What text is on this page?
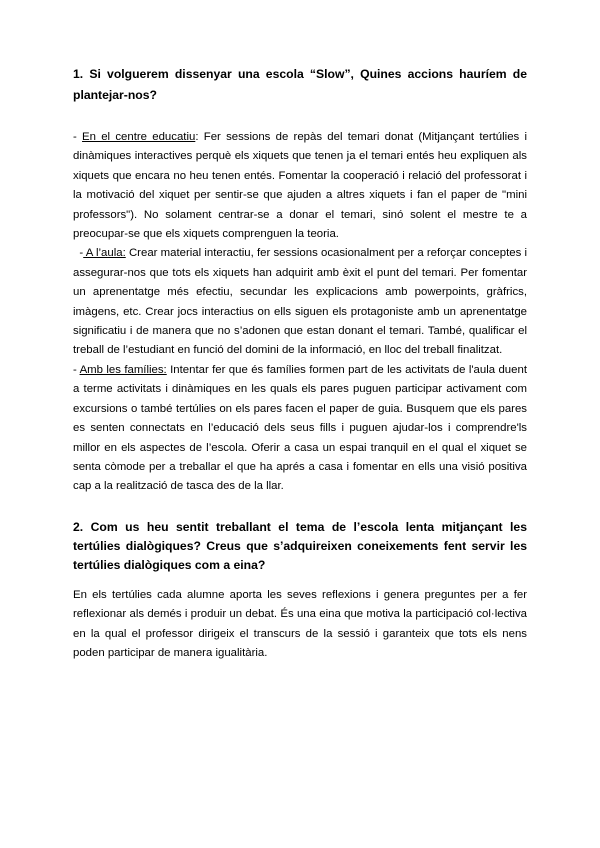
1. Si volguerem dissenyar una escola “Slow”, Quines accions hauríem de plantejar-nos?

- En el centre educatiu: Fer sessions de repàs del temari donat (Mitjançant tertúlies i dinàmiques interactives perquè els xiquets que tenen ja el temari entés heu expliquen als xiquets que encara no heu tenen entés. Fomentar la cooperació i relació del professorat i la motivació del xiquet per sentir-se que ajuden a altres xiquets i fan el paper de "mini professors"). No solament centrar-se a donar el temari, sinó solent el mestre te a preocupar-se que els xiquets comprenguen la teoria.

- A l’aula: Crear material interactiu, fer sessions ocasionalment per a reforçar conceptes i assegurar-nos que tots els xiquets han adquirit amb èxit el punt del temari. Per fomentar un aprenentatge més efectiu, secundar les explicacions amb powerpoints, gràfrics, imàgens, etc. Crear jocs interactius on ells siguen els protagoniste amb un aprenentatge significatiu i de manera que no s’adonen que estan donant el temari. També, qualificar el treball de l’estudiant en funció del domini de la informació, en lloc del treball finalitzat.

- Amb les famílies: Intentar fer que és famílies formen part de les activitats de l'aula duent a terme activitats i dinàmiques en les quals els pares puguen participar activament com excursions o també tertúlies on els pares facen el paper de guia. Busquem que els pares es senten connectats en l’educació dels seus fills i puguen ajudar-los i comprendre'ls millor en els aspectes de l’escola. Oferir a casa un espai tranquil en el qual el xiquet se senta còmode per a treballar el que ha aprés a casa i fomentar en ells una visió positiva cap a la realització de tasca des de la llar.

2. Com us heu sentit treballant el tema de l’escola lenta mitjançant les tertúlies dialògiques? Creus que s’adquireixen coneixements fent servir les tertúlies dialògiques com a eina?

En els tertúlies cada alumne aporta les seves reflexions i genera preguntes per a fer reflexionar als demés i produir un debat. És una eina que motiva la participació col·lectiva en la qual el professor dirigeix el transcurs de la sessió i garanteix que tots els nens poden participar de manera igualitària.
